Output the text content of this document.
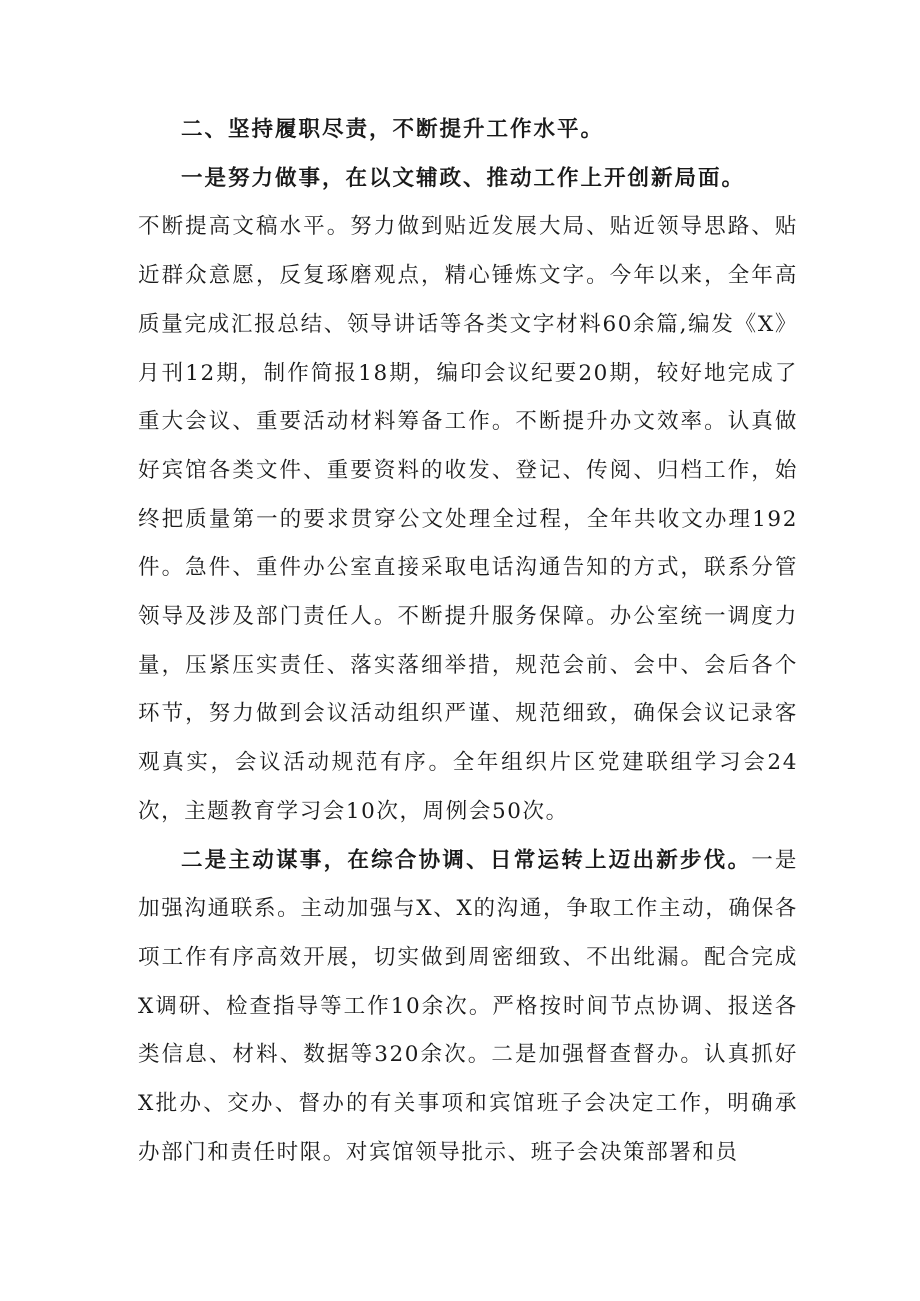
二、坚持履职尽责，不断提升工作水平。

一是努力做事，在以文辅政、推动工作上开创新局面。

不断提高文稿水平。努力做到贴近发展大局、贴近领导思路、贴近群众意愿，反复琢磨观点，精心锤炼文字。今年以来，全年高质量完成汇报总结、领导讲话等各类文字材料60余篇,编发《X》月刊12期，制作简报18期，编印会议纪要20期，较好地完成了重大会议、重要活动材料筹备工作。不断提升办文效率。认真做好宾馆各类文件、重要资料的收发、登记、传阅、归档工作，始终把质量第一的要求贯穿公文处理全过程，全年共收文办理192件。急件、重件办公室直接采取电话沟通告知的方式，联系分管领导及涉及部门责任人。不断提升服务保障。办公室统一调度力量，压紧压实责任、落实落细举措，规范会前、会中、会后各个环节，努力做到会议活动组织严谨、规范细致，确保会议记录客观真实，会议活动规范有序。全年组织片区党建联组学习会24次，主题教育学习会10次，周例会50次。

二是主动谋事，在综合协调、日常运转上迈出新步伐。一是加强沟通联系。主动加强与X、X的沟通，争取工作主动，确保各项工作有序高效开展，切实做到周密细致、不出纰漏。配合完成X调研、检查指导等工作10余次。严格按时间节点协调、报送各类信息、材料、数据等320余次。二是加强督查督办。认真抓好X批办、交办、督办的有关事项和宾馆班子会决定工作，明确承办部门和责任时限。对宾馆领导批示、班子会决策部署和员
